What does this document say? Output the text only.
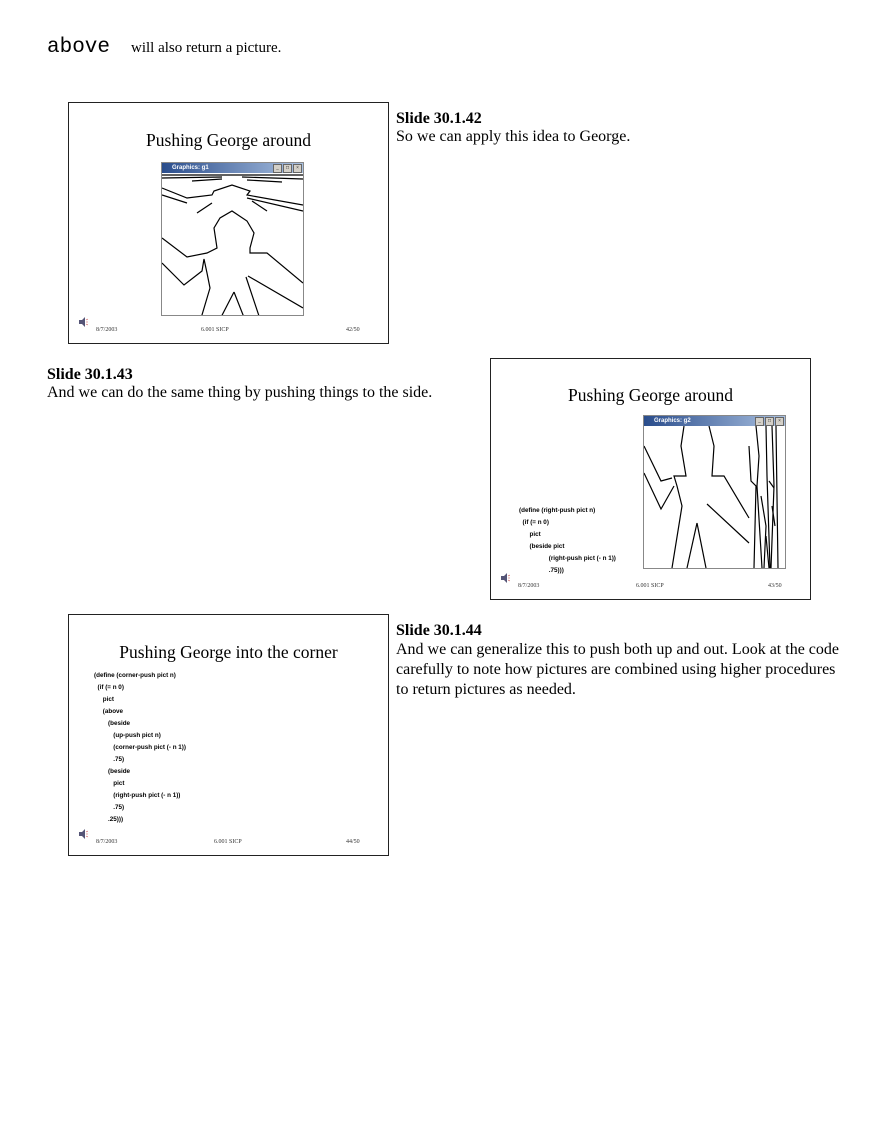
above will also return a picture.
Pushing George around
Graphics: g1	_	□	×
8/7/2003	6.001 SICP	42/50
Slide 30.1.42
So we can apply this idea to George.
Slide 30.1.43
And we can do the same thing by pushing things to the side.	Pushing George around
Graphics: g2	_	□	×
(define (right-push pict n)
(if (= n 0)
pict
(beside pict
(right-push pict (- n 1))
.75)))
8/7/2003	6.001 SICP	43/50
Pushing George into the corner
(define (corner-push pict n)
(if (= n 0)
pict
(above
(beside
(up-push pict n)
(corner-push pict (- n 1))
.75)
(beside
pict
(right-push pict (- n 1))
.75)
.25)))
8/7/2003	6.001 SICP	44/50
Slide 30.1.44
And we can generalize this to push both up and out. Look at the code carefully to note how pictures are combined using higher procedures to return pictures as needed.
